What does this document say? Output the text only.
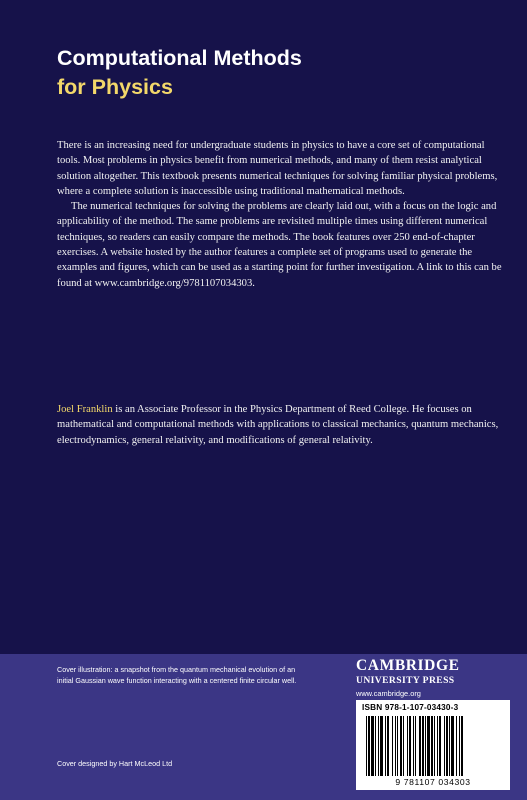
Computational Methods
for Physics

There is an increasing need for undergraduate students in physics to have a core set of computational tools. Most problems in physics benefit from numerical methods, and many of them resist analytical solution altogether. This textbook presents numerical techniques for solving familiar physical problems, where a complete solution is inaccessible using traditional mathematical methods.

The numerical techniques for solving the problems are clearly laid out, with a focus on the logic and applicability of the method. The same problems are revisited multiple times using different numerical techniques, so readers can easily compare the methods. The book features over 250 end-of-chapter exercises. A website hosted by the author features a complete set of programs used to generate the examples and figures, which can be used as a starting point for further investigation. A link to this can be found at www.cambridge.org/9781107034303.

Joel Franklin is an Associate Professor in the Physics Department of Reed College. He focuses on mathematical and computational methods with applications to classical mechanics, quantum mechanics, electrodynamics, general relativity, and modifications of general relativity.

Cover illustration: a snapshot from the quantum mechanical evolution of an initial Gaussian wave function interacting with a centered finite circular well.

Cover designed by Hart McLeod Ltd

CAMBRIDGE
UNIVERSITY PRESS
www.cambridge.org

ISBN 978-1-107-03430-3

9 781107 034303
